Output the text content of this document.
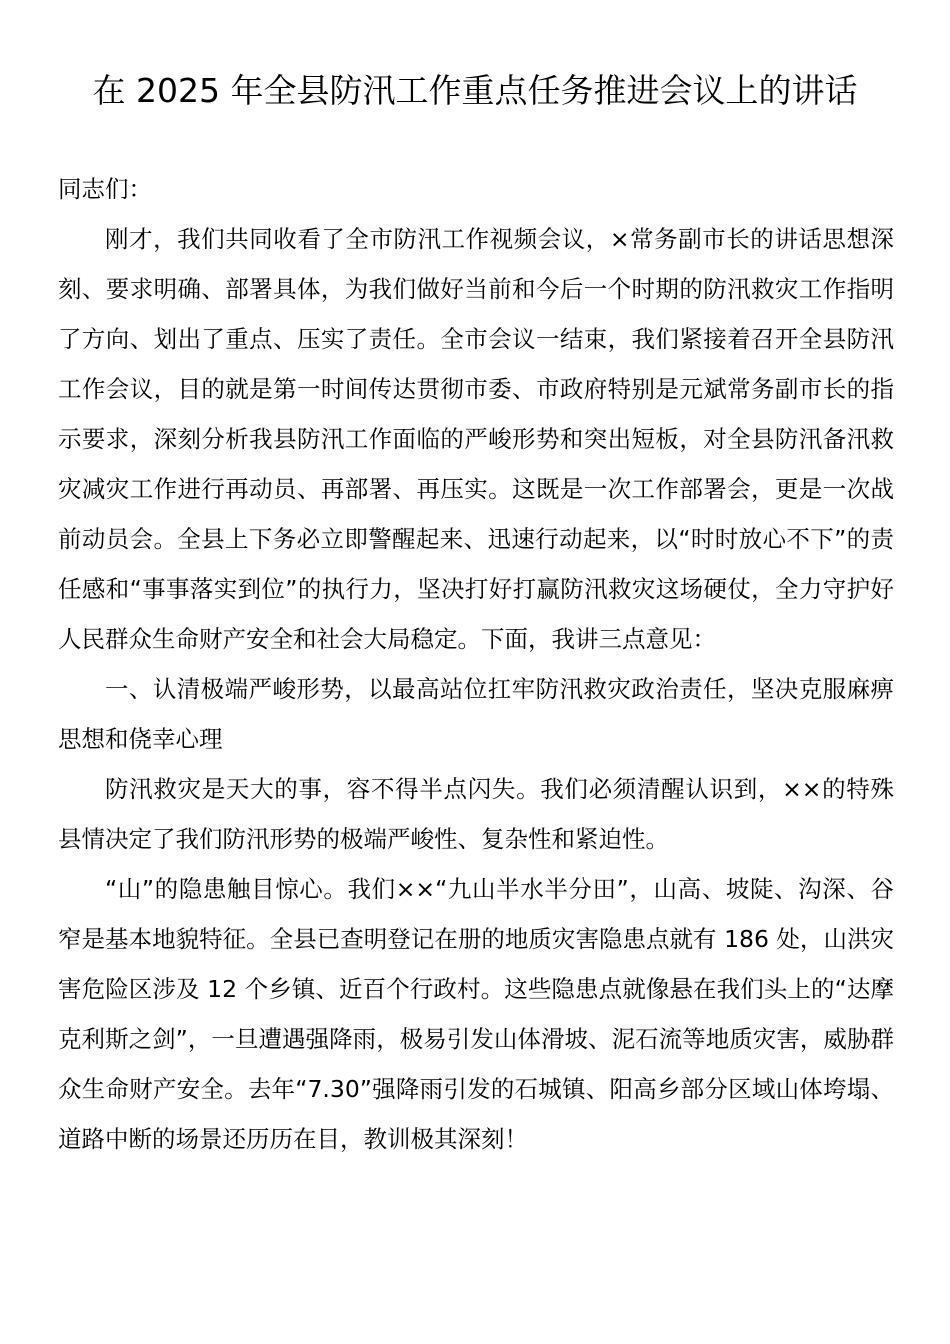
在 2025 年全县防汛工作重点任务推进会议上的讲话

同志们：

刚才，我们共同收看了全市防汛工作视频会议，×常务副市长的讲话思想深刻、要求明确、部署具体，为我们做好当前和今后一个时期的防汛救灾工作指明了方向、划出了重点、压实了责任。全市会议一结束，我们紧接着召开全县防汛工作会议，目的就是第一时间传达贯彻市委、市政府特别是元斌常务副市长的指示要求，深刻分析我县防汛工作面临的严峻形势和突出短板，对全县防汛备汛救灾减灾工作进行再动员、再部署、再压实。这既是一次工作部署会，更是一次战前动员会。全县上下务必立即警醒起来、迅速行动起来，以“时时放心不下”的责任感和“事事落实到位”的执行力，坚决打好打赢防汛救灾这场硬仗，全力守护好人民群众生命财产安全和社会大局稳定。下面，我讲三点意见：

一、认清极端严峻形势，以最高站位扛牢防汛救灾政治责任，坚决克服麻痹思想和侥幸心理

防汛救灾是天大的事，容不得半点闪失。我们必须清醒认识到，××的特殊县情决定了我们防汛形势的极端严峻性、复杂性和紧迫性。

“山”的隐患触目惊心。我们××“九山半水半分田”，山高、坡陡、沟深、谷窄是基本地貌特征。全县已查明登记在册的地质灾害隐患点就有 186 处，山洪灾害危险区涉及 12 个乡镇、近百个行政村。这些隐患点就像悬在我们头上的“达摩克利斯之剑”，一旦遭遇强降雨，极易引发山体滑坡、泥石流等地质灾害，威胁群众生命财产安全。去年“7.30”强降雨引发的石城镇、阳高乡部分区域山体垮塌、道路中断的场景还历历在目，教训极其深刻！
